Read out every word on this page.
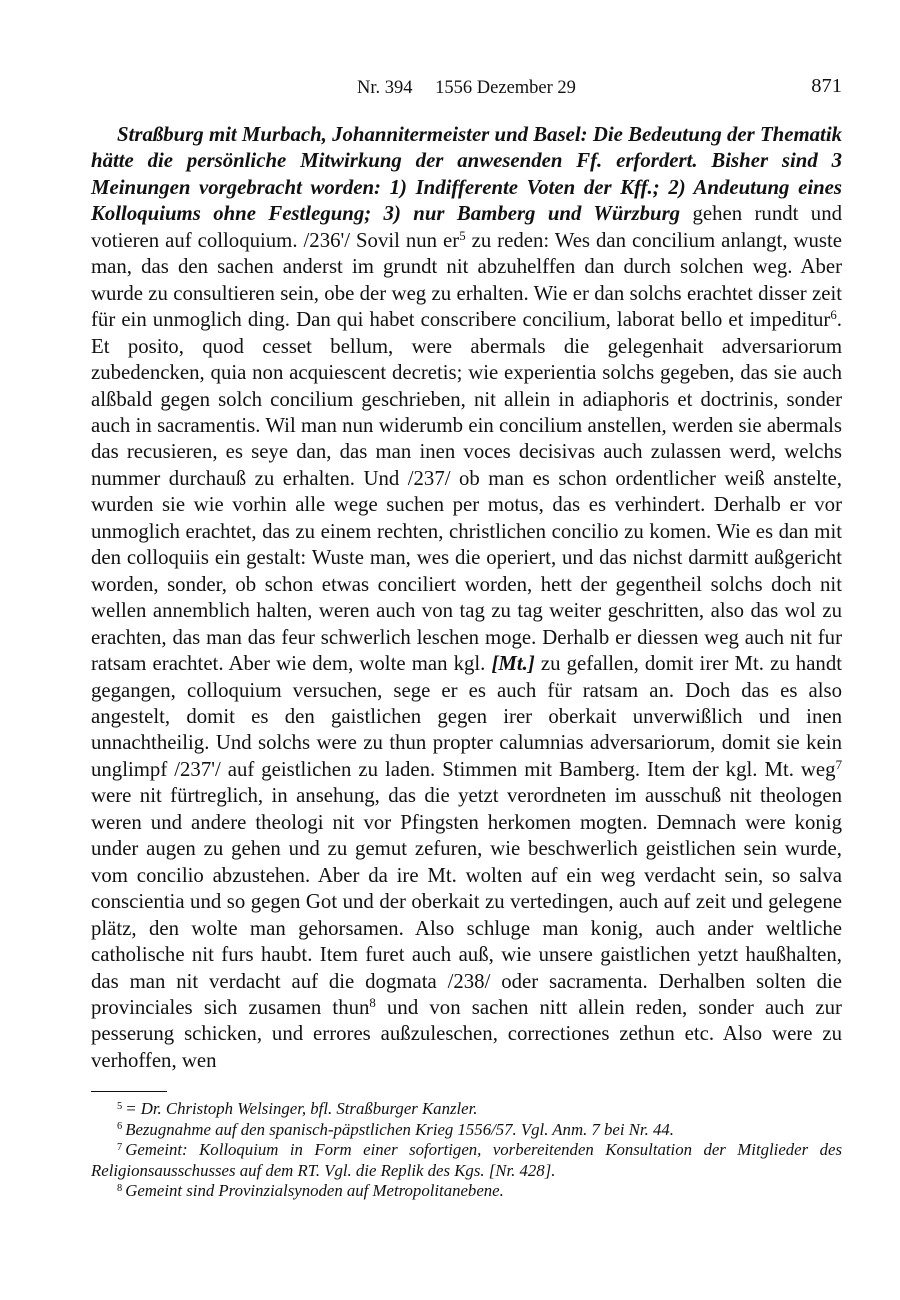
Nr. 394 1556 Dezember 29	871

Straßburg mit Murbach, Johannitermeister und Basel: Die Bedeutung der Thematik hätte die persönliche Mitwirkung der anwesenden Ff. erfordert. Bisher sind 3 Meinungen vorgebracht worden: 1) Indifferente Voten der Kff.; 2) Andeutung eines Kolloquiums ohne Festlegung; 3) nur Bamberg und Würzburg gehen rundt und votieren auf colloquium. /236'/ Sovil nun $er^5$ zu reden: Wes dan concilium anlangt, wuste man, das den sachen anderst im grundt nit abzuhelffen dan durch solchen weg. Aber wurde zu consultieren sein, obe der weg zu erhalten. Wie er dan solchs erachtet disser zeit für ein unmoglich ding. Dan qui habet conscribere concilium, laborat bello et impeditur$^6$. Et posito, quod cesset bellum, were abermals die gelegenhait adversariorum zubedencken, quia non acquiescent decretis; wie experientia solchs gegeben, das sie auch alßbald gegen solch concilium geschrieben, nit allein in adiaphoris et doctrinis, sonder auch in sacramentis. Wil man nun widerumb ein concilium anstellen, werden sie abermals das recusieren, es seye dan, das man inen voces decisivas auch zulassen werd, welchs nummer durchauß zu erhalten. Und /237/ ob man es schon ordentlicher weiß anstelte, wurden sie wie vorhin alle wege suchen per motus, das es verhindert. Derhalb er vor unmoglich erachtet, das zu einem rechten, christlichen concilio zu komen. Wie es dan mit den colloquiis ein gestalt: Wuste man, wes die operiert, und das nichst darmitt außgericht worden, sonder, ob schon etwas conciliert worden, hett der gegentheil solchs doch nit wellen annemblich halten, weren auch von tag zu tag weiter geschritten, also das wol zu erachten, das man das feur schwerlich leschen moge. Derhalb er diessen weg auch nit fur ratsam erachtet. Aber wie dem, wolte man kgl. [Mt.] zu gefallen, domit irer Mt. zu handt gegangen, colloquium versuchen, sege er es auch für ratsam an. Doch das es also angestelt, domit es den gaistlichen gegen irer oberkait unverwißlich und inen unnachtheilig. Und solchs were zu thun propter calumnias adversariorum, domit sie kein unglimpf /237'/ auf geistlichen zu laden. Stimmen mit Bamberg. Item der kgl. Mt. weg$^7$ were nit fürtreglich, in ansehung, das die yetzt verordneten im ausschuß nit theologen weren und andere theologi nit vor Pfingsten herkomen mogten. Demnach were konig under augen zu gehen und zu gemut zefuren, wie beschwerlich geistlichen sein wurde, vom concilio abzustehen. Aber da ire Mt. wolten auf ein weg verdacht sein, so salva conscientia und so gegen Got und der oberkait zu vertedingen, auch auf zeit und gelegene plätz, den wolte man gehorsamen. Also schluge man konig, auch ander weltliche catholische nit furs haubt. Item furet auch auß, wie unsere gaistlichen yetzt haußhalten, das man nit verdacht auf die dogmata /238/ oder sacramenta. Derhalben solten die provinciales sich zusamen thun$^8$ und von sachen nitt allein reden, sonder auch zur pesserung schicken, und errores außzuleschen, correctiones zethun etc. Also were zu verhoffen, wen

$^5$ = Dr. Christoph Welsinger, bfl. Straßburger Kanzler.

$^6$ Bezugnahme auf den spanisch-päpstlichen Krieg 1556/57. Vgl. Anm. 7 bei Nr. 44.

$^7$ Gemeint: Kolloquium in Form einer sofortigen, vorbereitenden Konsultation der Mitglieder des Religionsausschusses auf dem RT. Vgl. die Replik des Kgs. [Nr. 428].

$^8$ Gemeint sind Provinzialsynoden auf Metropolitanebene.
